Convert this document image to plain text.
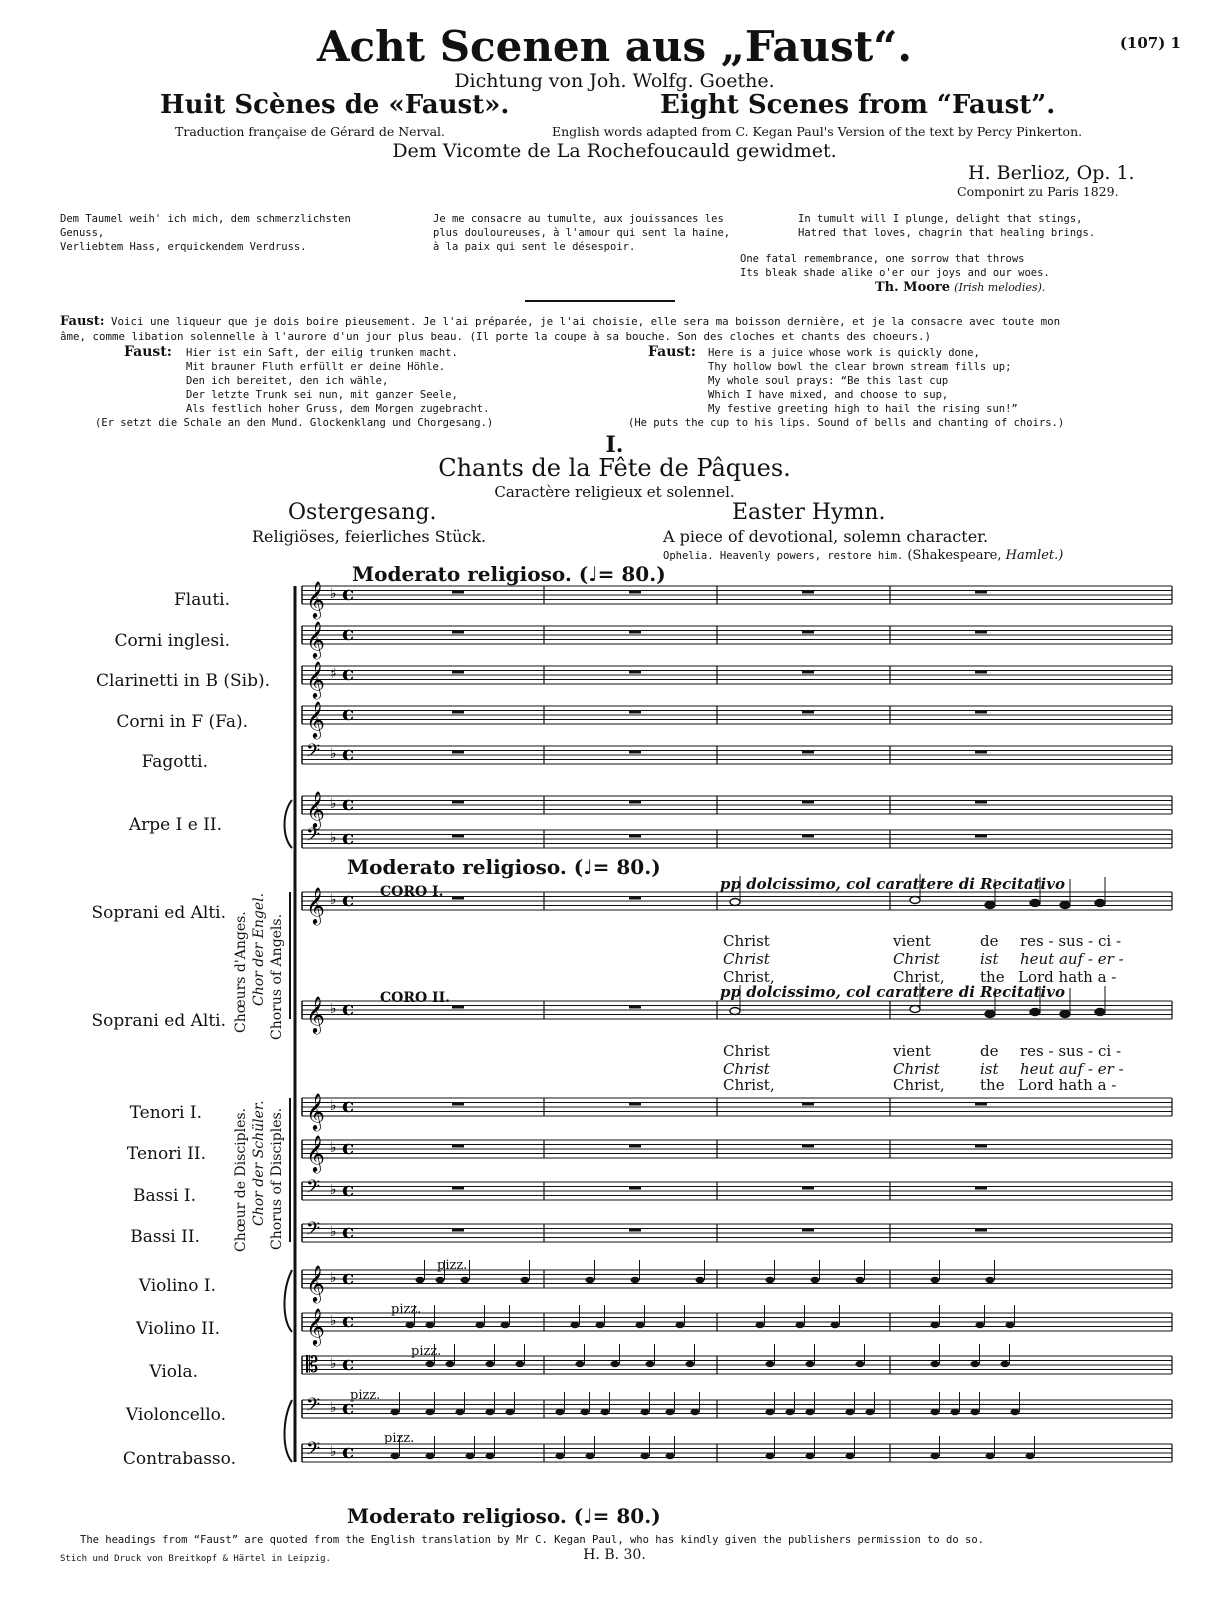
Acht Scenen aus „Faust“.	(107) 1
Dichtung von Joh. Wolfg. Goethe.
Huit Scènes de «Faust».	Eight Scenes from “Faust”.
Traduction française de Gérard de Nerval.	English words adapted from C. Kegan Paul's Version of the text by Percy Pinkerton.
Dem Vicomte de La Rochefoucauld gewidmet.
H. Berlioz, Op. 1.
Componirt zu Paris 1829.
Dem Taumel weih' ich mich, dem schmerzlichsten
Genuss,
Verliebtem Hass, erquickendem Verdruss.
Je me consacre au tumulte, aux jouissances les
plus douloureuses, à l'amour qui sent la haine,
à la paix qui sent le désespoir.
In tumult will I plunge, delight that stings,
Hatred that loves, chagrin that healing brings.
One fatal remembrance, one sorrow that throws
Its bleak shade alike o'er our joys and our woes.
Th. Moore (Irish melodies).
Faust: Voici une liqueur que je dois boire pieusement. Je l'ai préparée, je l'ai choisie, elle sera ma boisson dernière, et je la consacre avec toute mon
âme, comme libation solennelle à l'aurore d'un jour plus beau. (Il porte la coupe à sa bouche. Son des cloches et chants des choeurs.)
Faust: Hier ist ein Saft, der eilig trunken macht.
Mit brauner Fluth erfüllt er deine Höhle.
Den ich bereitet, den ich wähle,
Der letzte Trunk sei nun, mit ganzer Seele,
Als festlich hoher Gruss, dem Morgen zugebracht.
(Er setzt die Schale an den Mund. Glockenklang und Chorgesang.)
Faust: Here is a juice whose work is quickly done,
Thy hollow bowl the clear brown stream fills up;
My whole soul prays: “Be this last cup
Which I have mixed, and choose to sup,
My festive greeting high to hail the rising sun!”
(He puts the cup to his lips. Sound of bells and chanting of choirs.)
I.
Chants de la Fête de Pâques.
Caractère religieux et solennel.
Ostergesang.
Religiöses, feierliches Stück.
Easter Hymn.
A piece of devotional, solemn character.
Ophelia. Heavenly powers, restore him. (Shakespeare, Hamlet.)
Moderato religioso. (♩= 80.)
Moderato religioso. (♩= 80.)
Moderato religioso. (♩= 80.)
Flauti.
Corni inglesi.
Clarinetti in B (Sib).
Corni in F (Fa).
Fagotti.
Arpe I e II.
Soprani ed Alti.
Soprani ed Alti.
Tenori I.
Tenori II.
Bassi I.
Bassi II.
Violino I.
Violino II.
Viola.
Violoncello.
Contrabasso.
Chœurs d'Anges. Chor der Engel. Chorus of Angels.
Chœur de Disciples. Chor der Schüler. Chorus of Disciples.
CORO I.
CORO II.
pp dolcissimo, col carattere di Recitativo
pp dolcissimo, col carattere di Recitativo
Christ	vient	de res - sus - ci -
Christ	Christ	ist heut auf - er -
Christ,	Christ, the Lord hath a -
Christ	vient	de res - sus - ci -
Christ	Christ	ist heut auf - er -
Christ,	Christ, the Lord hath a -
pizz.
pizz.
pizz.
pizz.
pizz.
𝄞 ♭ c
𝄞 c
𝄞 ♯ c
𝄞 c
𝄢 ♭ c
𝄞 ♭ c
𝄢 ♭ c
𝄞 ♭ c
𝄞 ♭ c
𝄞 ♭ c
𝄞 ♭ c
𝄢 ♭ c
𝄢 ♭ c
𝄞 ♭ c
𝄞 ♭ c
𝄡 ♭ c
𝄢 ♭ c
𝄢 ♭ c
The headings from “Faust” are quoted from the English translation by Mr C. Kegan Paul, who has kindly given the publishers permission to do so.
Stich und Druck von Breitkopf & Härtel in Leipzig.	H. B. 30.
